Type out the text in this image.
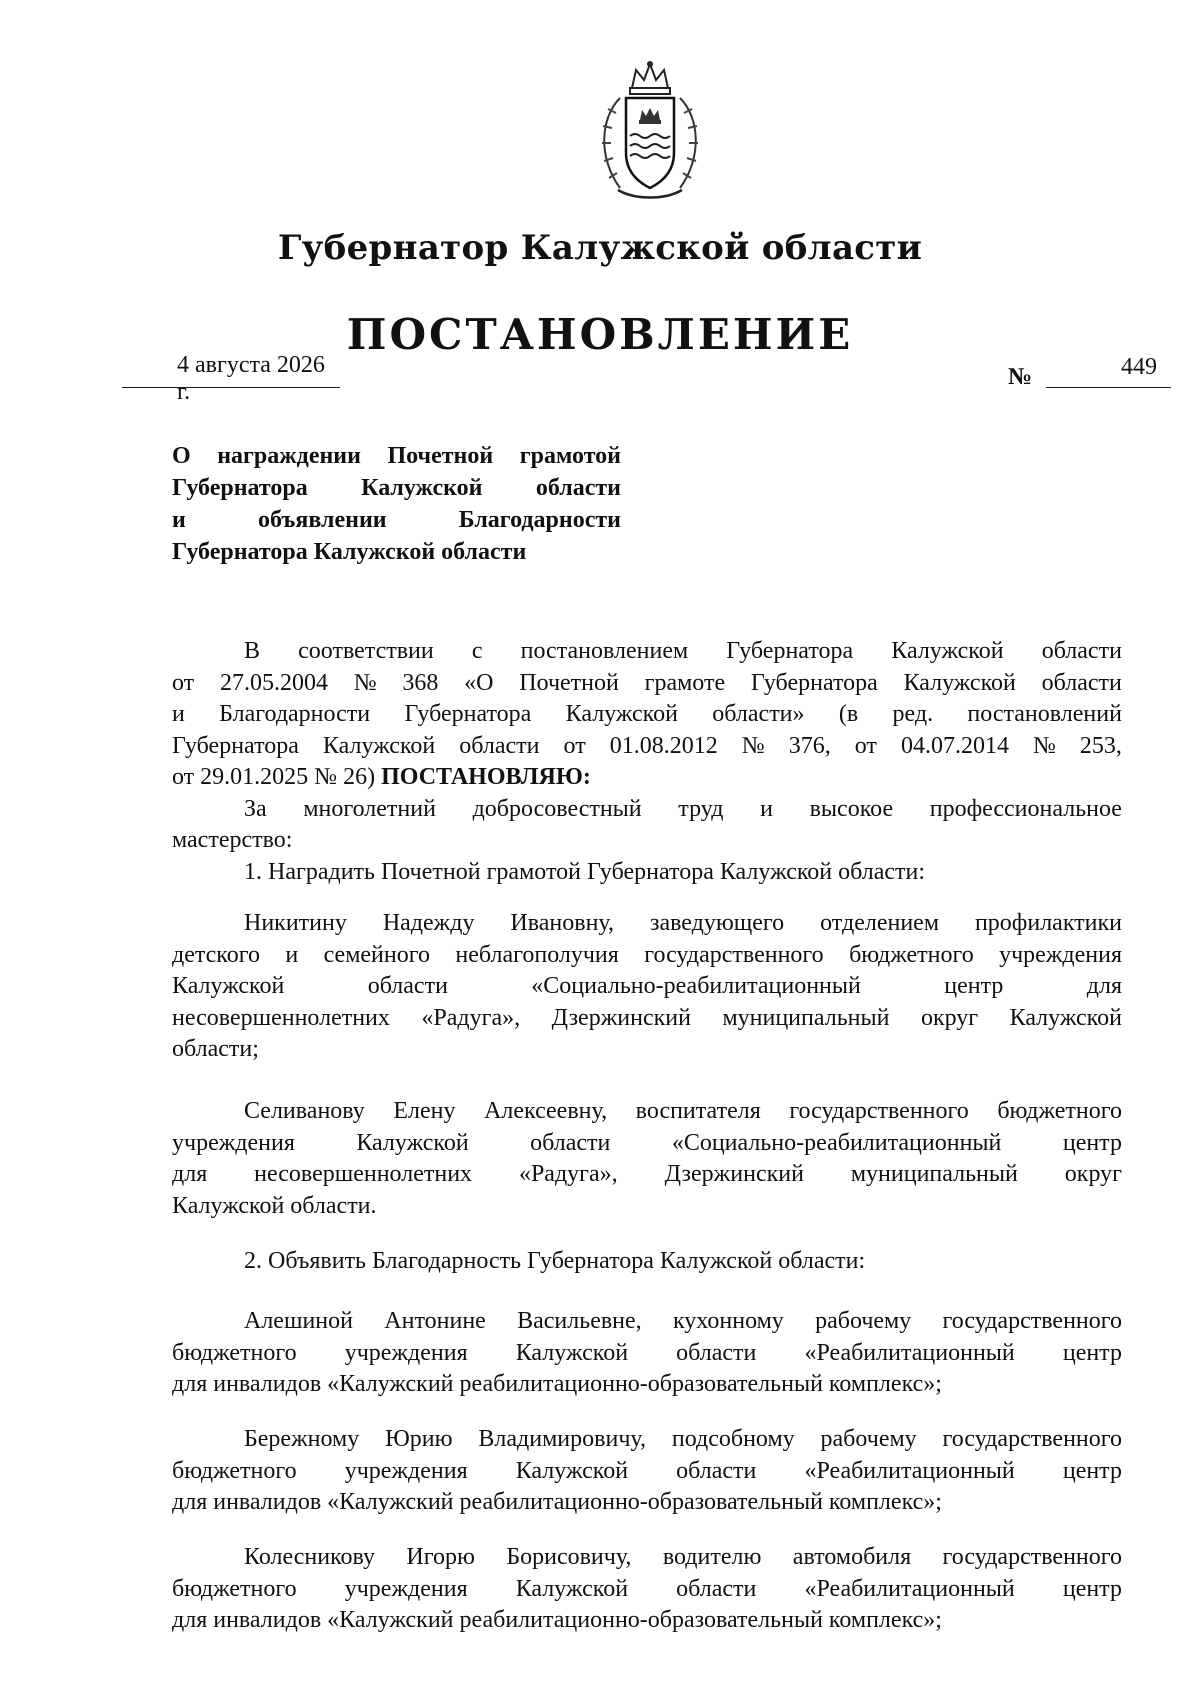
Губернатор Калужской области
ПОСТАНОВЛЕНИЕ
4 августа 2026 г.
№	449
О награждении Почетной грамотой
Губернатора Калужской области
и объявлении Благодарности
Губернатора Калужской области
В соответствии с постановлением Губернатора Калужской области
от 27.05.2004 № 368 «О Почетной грамоте Губернатора Калужской области
и Благодарности Губернатора Калужской области» (в ред. постановлений
Губернатора Калужской области от 01.08.2012 № 376, от 04.07.2014 № 253,
от 29.01.2025 № 26) ПОСТАНОВЛЯЮ:
За многолетний добросовестный труд и высокое профессиональное
мастерство:
1. Наградить Почетной грамотой Губернатора Калужской области:
Никитину Надежду Ивановну, заведующего отделением профилактики
детского и семейного неблагополучия государственного бюджетного учреждения
Калужской	области	«Социально-реабилитационный	центр	для
несовершеннолетних «Радуга», Дзержинский муниципальный округ Калужской
области;
Селиванову Елену Алексеевну, воспитателя государственного бюджетного
учреждения	Калужской	области	«Социально-реабилитационный	центр
для несовершеннолетних «Радуга», Дзержинский муниципальный округ
Калужской области.
2. Объявить Благодарность Губернатора Калужской области:
Алешиной Антонине Васильевне, кухонному рабочему государственного
бюджетного учреждения Калужской области «Реабилитационный центр
для инвалидов «Калужский реабилитационно-образовательный комплекс»;
Бережному Юрию Владимировичу, подсобному рабочему государственного
бюджетного учреждения Калужской области «Реабилитационный центр
для инвалидов «Калужский реабилитационно-образовательный комплекс»;
Колесникову Игорю Борисовичу, водителю автомобиля государственного
бюджетного учреждения Калужской области «Реабилитационный центр
для инвалидов «Калужский реабилитационно-образовательный комплекс»;
